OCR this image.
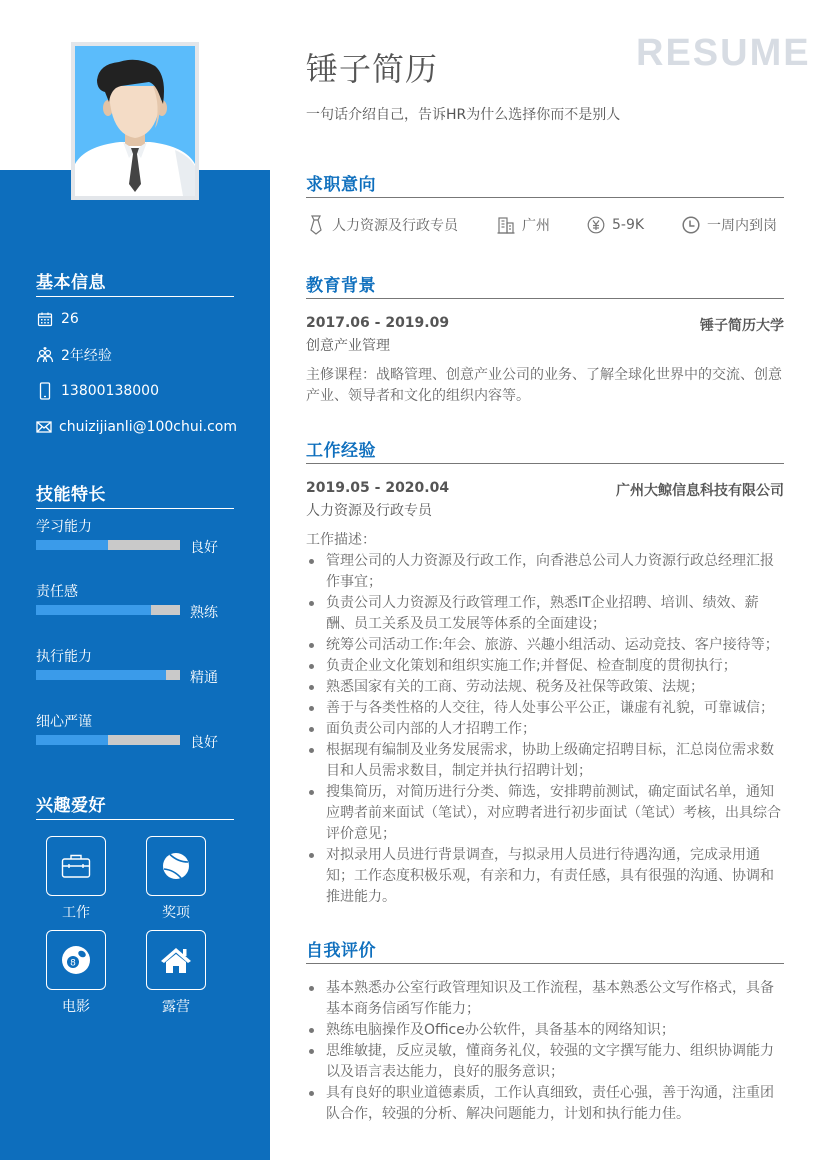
基本信息
26
2年经验
13800138000
chuizijianli@100chui.com
技能特长
学习能力
良好
责任感
熟练
执行能力
精通
细心严谨
良好
兴趣爱好
工作	奖项
8
电影	露营
锤子简历	RESUME
一句话介绍自己，告诉HR为什么选择你而不是别人
求职意向
人力资源及行政专员	广州	5-9K	一周内到岗
教育背景
2017.06 - 2019.09	锤子简历大学
创意产业管理
主修课程：战略管理、创意产业公司的业务、了解全球化世界中的交流、创意产业、领导者和文化的组织内容等。
工作经验
2019.05 - 2020.04	广州大鲸信息科技有限公司
人力资源及行政专员
工作描述：
管理公司的人力资源及行政工作，向香港总公司人力资源行政总经理汇报作事宜；
负责公司人力资源及行政管理工作，熟悉IT企业招聘、培训、绩效、薪酬、员工关系及员工发展等体系的全面建设；
统筹公司活动工作:年会、旅游、兴趣小组活动、运动竞技、客户接待等；
负责企业文化策划和组织实施工作;并督促、检查制度的贯彻执行；
熟悉国家有关的工商、劳动法规、税务及社保等政策、法规；
善于与各类性格的人交往，待人处事公平公正，谦虚有礼貌，可靠诚信；
面负责公司内部的人才招聘工作；
根据现有编制及业务发展需求，协助上级确定招聘目标，汇总岗位需求数目和人员需求数目，制定并执行招聘计划；
搜集简历，对简历进行分类、筛选，安排聘前测试，确定面试名单，通知应聘者前来面试（笔试），对应聘者进行初步面试（笔试）考核，出具综合评价意见；
对拟录用人员进行背景调查，与拟录用人员进行待遇沟通，完成录用通知；工作态度积极乐观，有亲和力，有责任感，具有很强的沟通、协调和推进能力。
自我评价
基本熟悉办公室行政管理知识及工作流程，基本熟悉公文写作格式，具备基本商务信函写作能力；
熟练电脑操作及Office办公软件，具备基本的网络知识；
思维敏捷，反应灵敏，懂商务礼仪，较强的文字撰写能力、组织协调能力以及语言表达能力，良好的服务意识；
具有良好的职业道德素质，工作认真细致，责任心强，善于沟通，注重团队合作，较强的分析、解决问题能力，计划和执行能力佳。
